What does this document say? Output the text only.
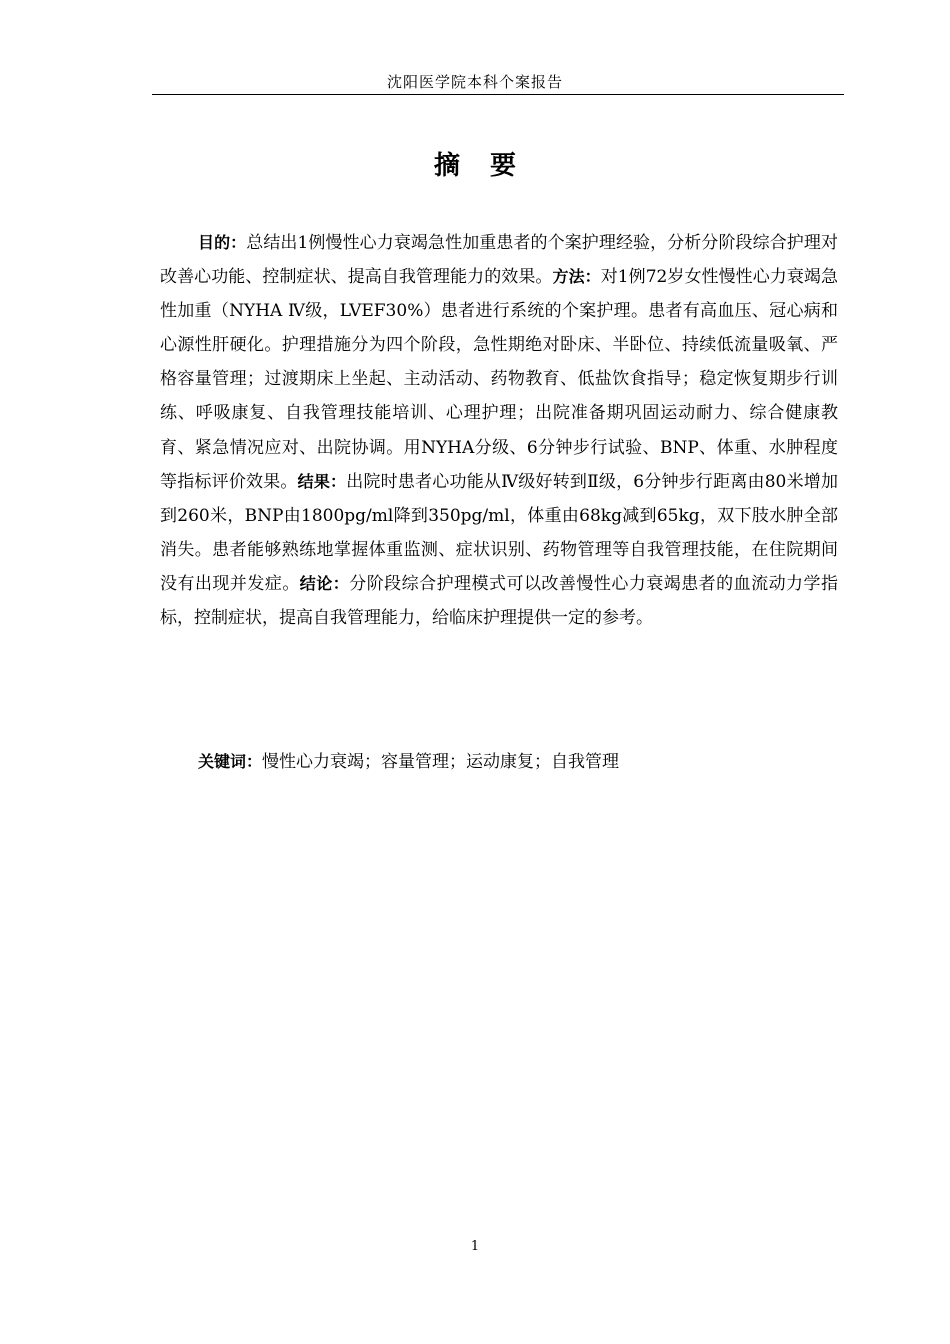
沈阳医学院本科个案报告
摘要

目的：总结出1例慢性心力衰竭急性加重患者的个案护理经验，分析分阶段综合护理对改善心功能、控制症状、提高自我管理能力的效果。方法：对1例72岁女性慢性心力衰竭急性加重（NYHA Ⅳ级，LVEF30%）患者进行系统的个案护理。患者有高血压、冠心病和心源性肝硬化。护理措施分为四个阶段，急性期绝对卧床、半卧位、持续低流量吸氧、严格容量管理；过渡期床上坐起、主动活动、药物教育、低盐饮食指导；稳定恢复期步行训练、呼吸康复、自我管理技能培训、心理护理；出院准备期巩固运动耐力、综合健康教育、紧急情况应对、出院协调。用NYHA分级、6分钟步行试验、BNP、体重、水肿程度等指标评价效果。结果：出院时患者心功能从Ⅳ级好转到Ⅱ级，6分钟步行距离由80米增加到260米，BNP由1800pg/ml降到350pg/ml，体重由68kg减到65kg，双下肢水肿全部消失。患者能够熟练地掌握体重监测、症状识别、药物管理等自我管理技能，在住院期间没有出现并发症。结论：分阶段综合护理模式可以改善慢性心力衰竭患者的血流动力学指标，控制症状，提高自我管理能力，给临床护理提供一定的参考。

关键词：慢性心力衰竭；容量管理；运动康复；自我管理

1
